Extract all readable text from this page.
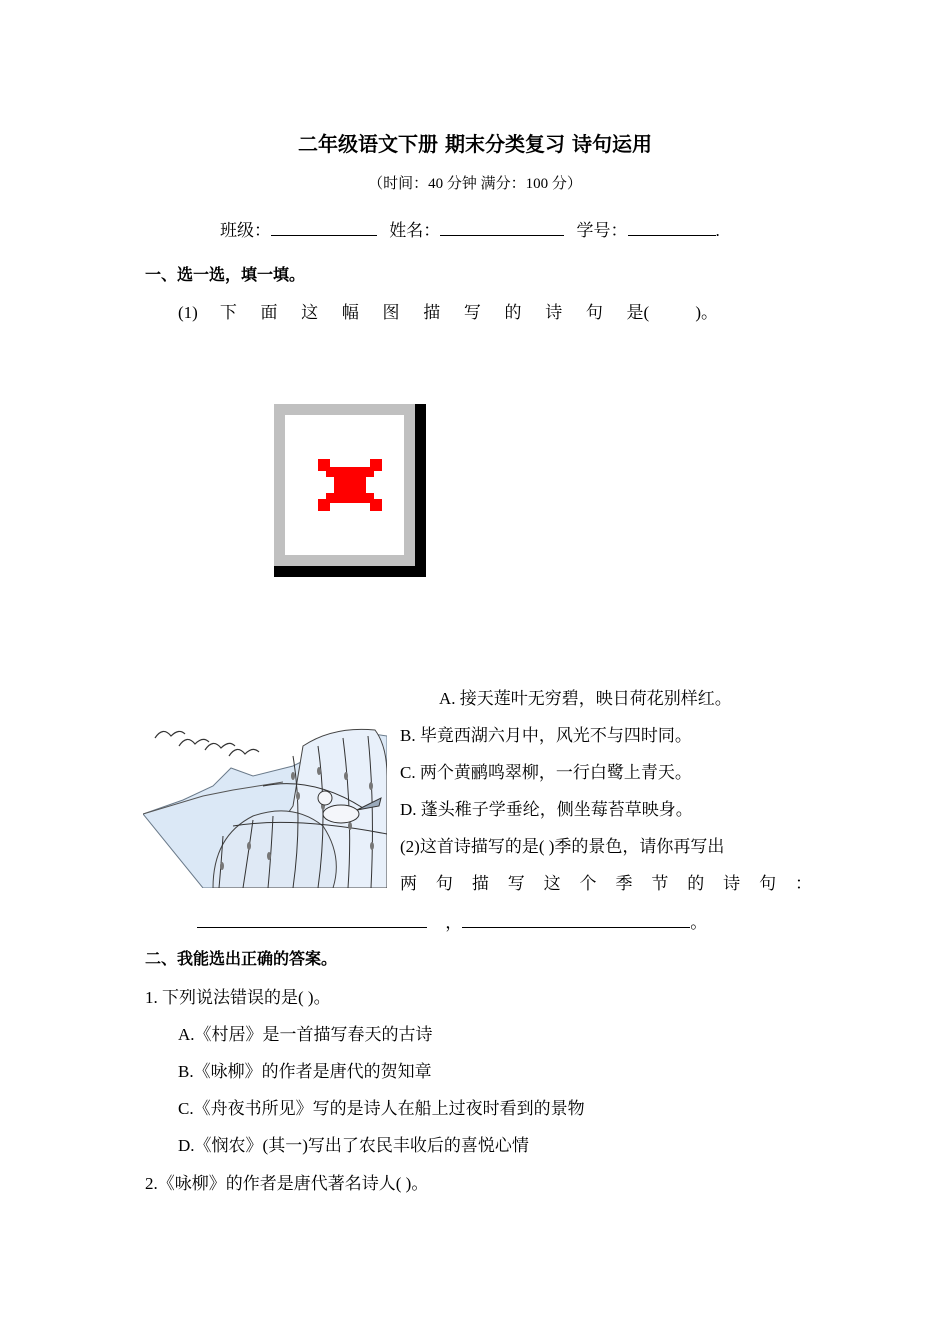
二年级语文下册 期末分类复习 诗句运用
（时间：40 分钟 满分：100 分）
班级：	姓名：	学号：	.
一、选一选，填一填。
(1) 下 面 这 幅 图 描 写 的 诗 句 是(	)。
A. 接天莲叶无穷碧，映日荷花别样红。
B. 毕竟西湖六月中，风光不与四时同。
C. 两个黄鹂鸣翠柳，一行白鹭上青天。
D. 蓬头稚子学垂纶，侧坐莓苔草映身。
(2)这首诗描写的是( )季的景色，请你再写出
两 句 描 写 这 个 季 节 的 诗 句 ：
，	。
二、我能选出正确的答案。
1. 下列说法错误的是( )。
A.《村居》是一首描写春天的古诗
B.《咏柳》的作者是唐代的贺知章
C.《舟夜书所见》写的是诗人在船上过夜时看到的景物
D.《悯农》(其一)写出了农民丰收后的喜悦心情
2.《咏柳》的作者是唐代著名诗人( )。
